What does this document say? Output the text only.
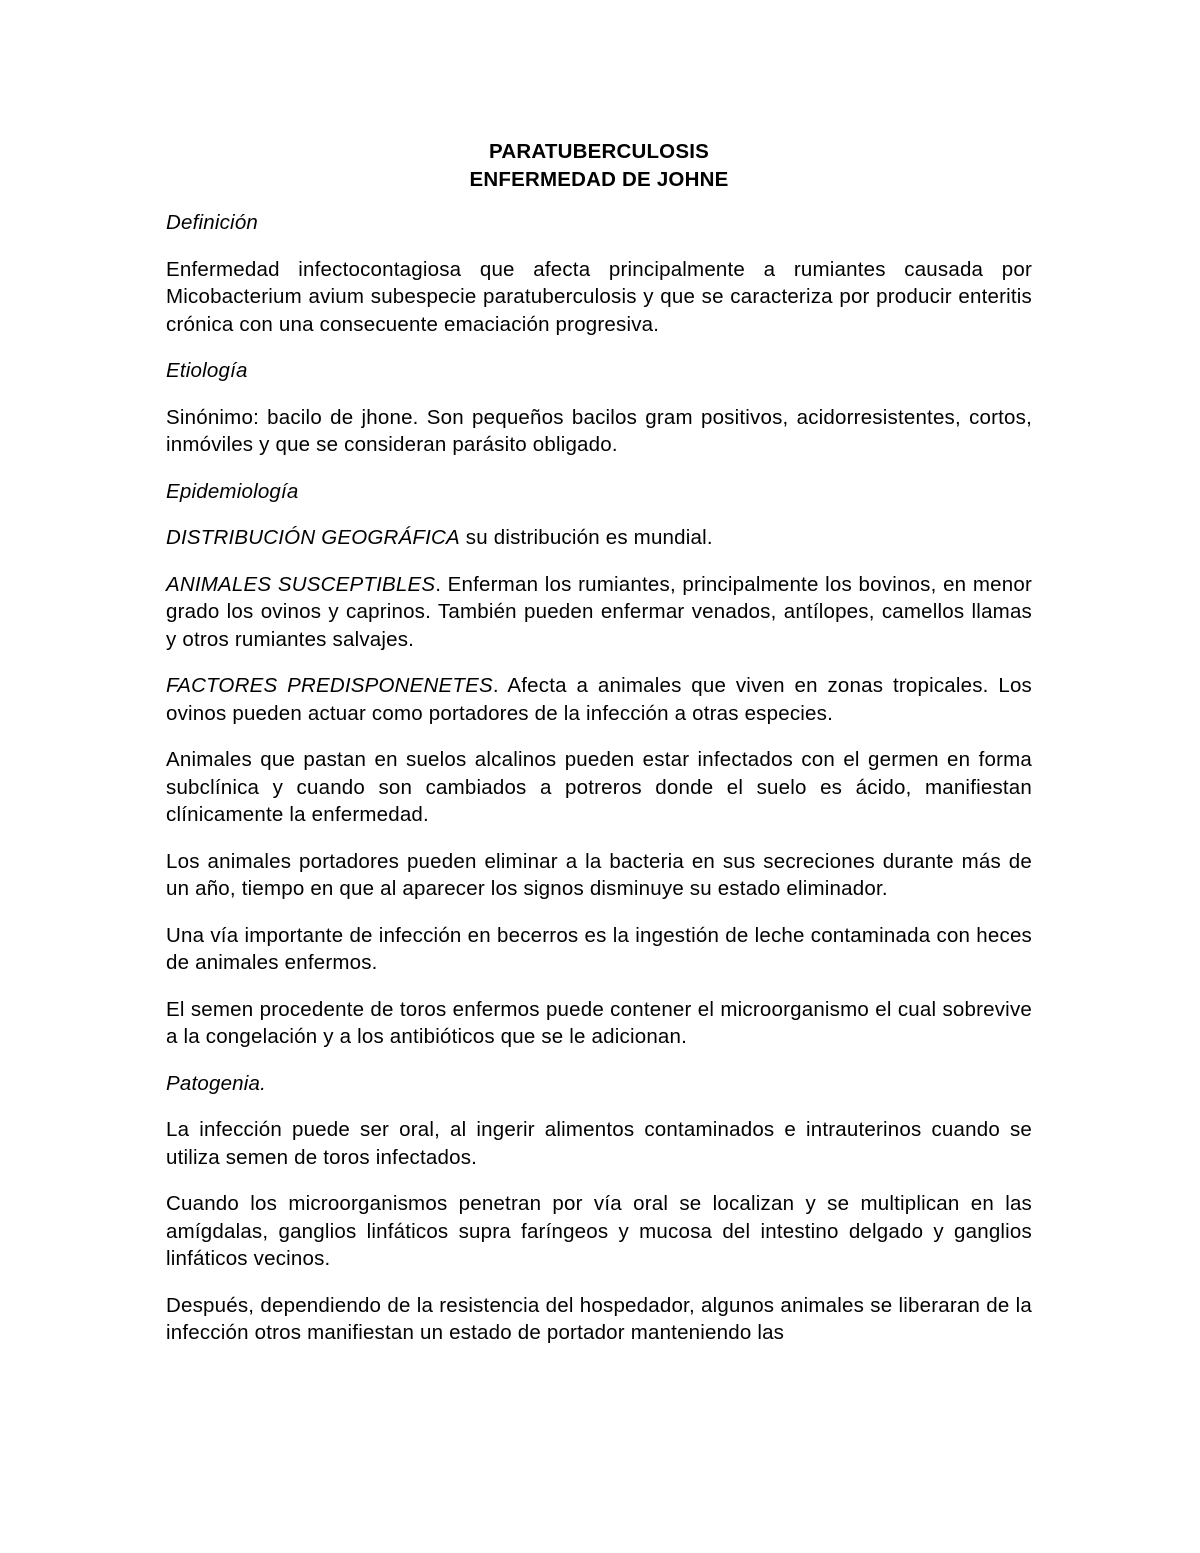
PARATUBERCULOSIS
ENFERMEDAD DE JOHNE
Definición

Enfermedad infectocontagiosa que afecta principalmente a rumiantes causada por Micobacterium avium subespecie paratuberculosis y que se caracteriza por producir enteritis crónica con una consecuente emaciación progresiva.

Etiología

Sinónimo: bacilo de jhone. Son pequeños bacilos gram positivos, acidorresistentes, cortos, inmóviles y que se consideran parásito obligado.

Epidemiología

DISTRIBUCIÓN GEOGRÁFICA su distribución es mundial.

ANIMALES SUSCEPTIBLES. Enferman los rumiantes, principalmente los bovinos, en menor grado los ovinos y caprinos. También pueden enfermar venados, antílopes, camellos llamas y otros rumiantes salvajes.

FACTORES PREDISPONENETES. Afecta a animales que viven en zonas tropicales. Los ovinos pueden actuar como portadores de la infección a otras especies.

Animales que pastan en suelos alcalinos pueden estar infectados con el germen en forma subclínica y cuando son cambiados a potreros donde el suelo es ácido, manifiestan clínicamente la enfermedad.

Los animales portadores pueden eliminar a la bacteria en sus secreciones durante más de un año, tiempo en que al aparecer los signos disminuye su estado eliminador.

Una vía importante de infección en becerros es la ingestión de leche contaminada con heces de animales enfermos.

El semen procedente de toros enfermos puede contener el microorganismo el cual sobrevive a la congelación y a los antibióticos que se le adicionan.

Patogenia.

La infección puede ser oral, al ingerir alimentos contaminados e intrauterinos cuando se utiliza semen de toros infectados.

Cuando los microorganismos penetran por vía oral se localizan y se multiplican en las amígdalas, ganglios linfáticos supra faríngeos y mucosa del intestino delgado y ganglios linfáticos vecinos.

Después, dependiendo de la resistencia del hospedador, algunos animales se liberaran de la infección otros manifiestan un estado de portador manteniendo las
